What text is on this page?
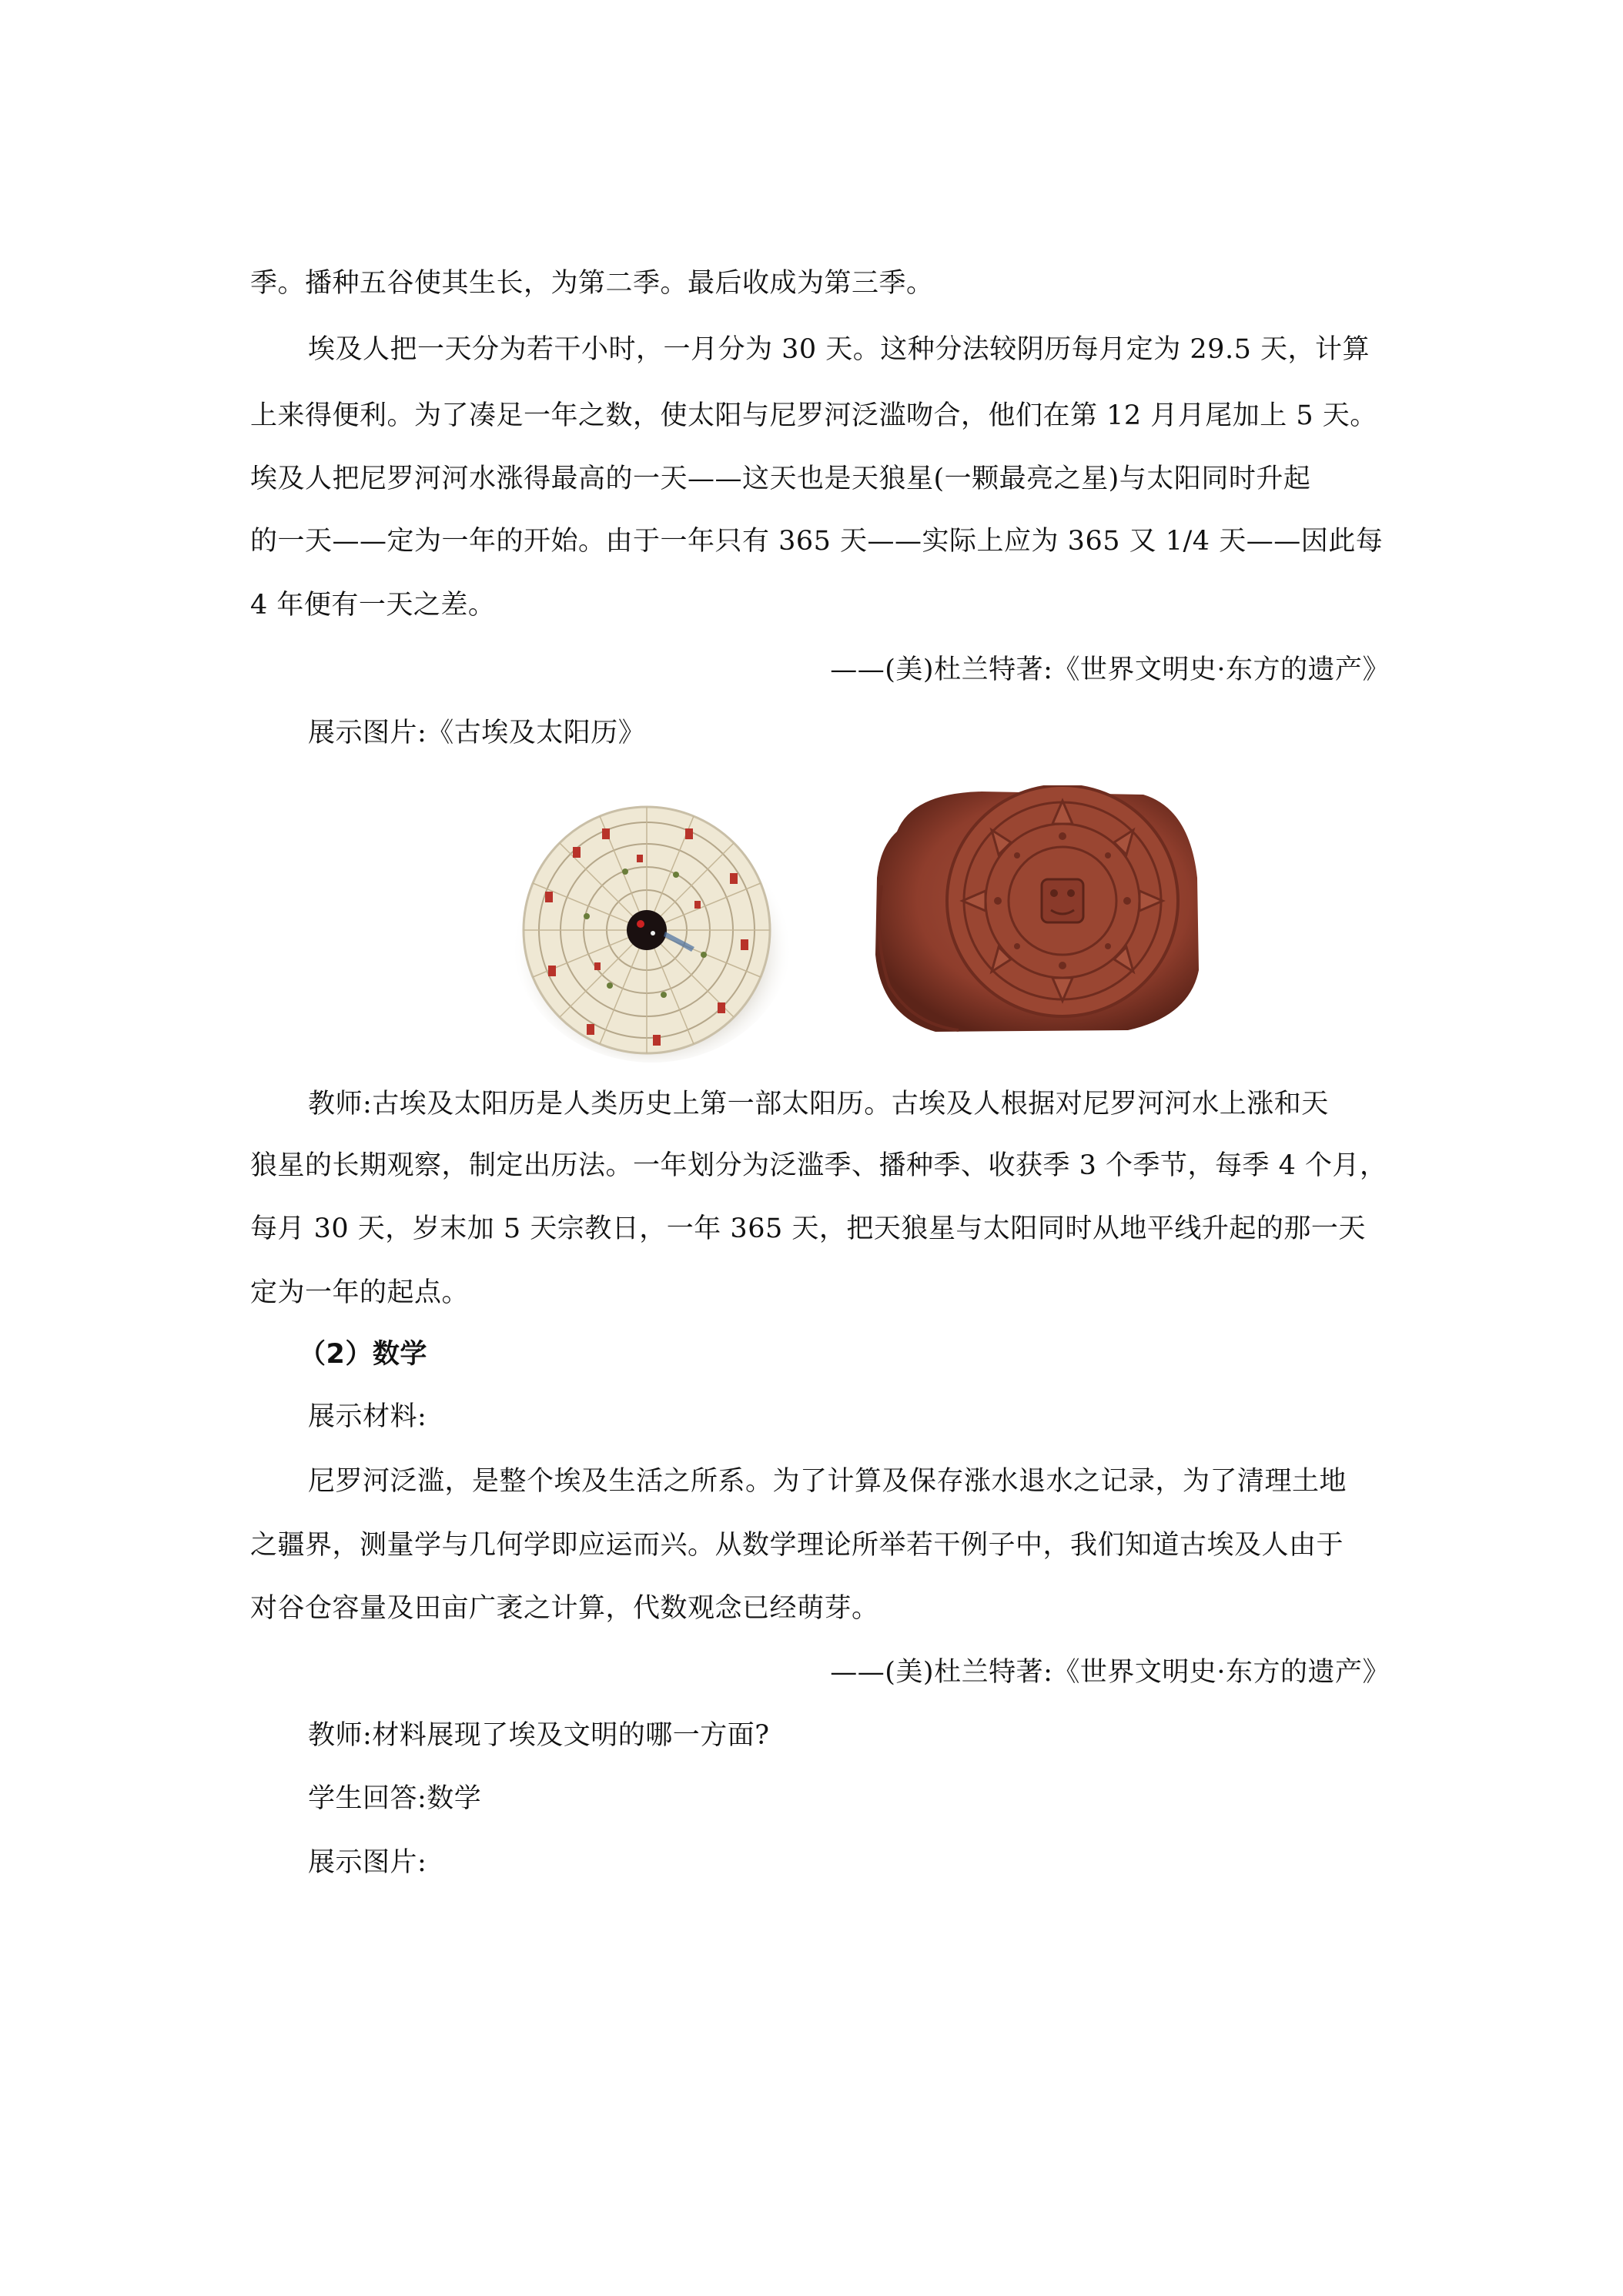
季。播种五谷使其生长，为第二季。最后收成为第三季。
埃及人把一天分为若干小时，一月分为 30 天。这种分法较阴历每月定为 29.5 天，计算
上来得便利。为了凑足一年之数，使太阳与尼罗河泛滥吻合，他们在第 12 月月尾加上 5 天。
埃及人把尼罗河河水涨得最高的一天——这天也是天狼星(一颗最亮之星)与太阳同时升起
的一天——定为一年的开始。由于一年只有 365 天——实际上应为 365 又 1/4 天——因此每
4 年便有一天之差。
——(美)杜兰特著:《世界文明史·东方的遗产》
展示图片:《古埃及太阳历》
教师:古埃及太阳历是人类历史上第一部太阳历。古埃及人根据对尼罗河河水上涨和天
狼星的长期观察，制定出历法。一年划分为泛滥季、播种季、收获季 3 个季节，每季 4 个月，
每月 30 天，岁末加 5 天宗教日，一年 365 天，把天狼星与太阳同时从地平线升起的那一天
定为一年的起点。
（2）数学
展示材料:
尼罗河泛滥，是整个埃及生活之所系。为了计算及保存涨水退水之记录，为了清理土地
之疆界，测量学与几何学即应运而兴。从数学理论所举若干例子中，我们知道古埃及人由于
对谷仓容量及田亩广袤之计算，代数观念已经萌芽。
——(美)杜兰特著:《世界文明史·东方的遗产》
教师:材料展现了埃及文明的哪一方面?
学生回答:数学
展示图片:
